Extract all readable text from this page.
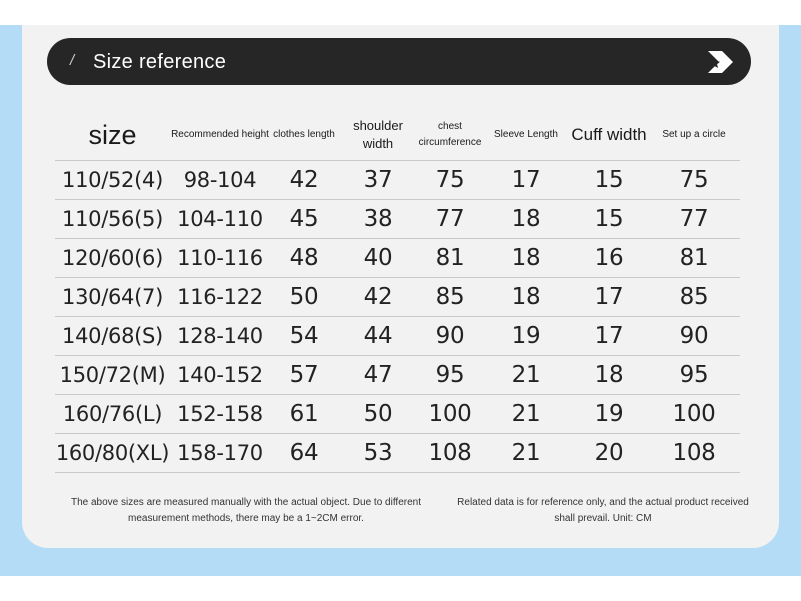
/ Size reference
size	Recommended height	clothes length	shoulder width	chest circumference	Sleeve Length	Cuff width	Set up a circle
110/52(4)	98-104	42	37	75	17	15	75
110/56(5)	104-110	45	38	77	18	15	77
120/60(6)	110-116	48	40	81	18	16	81
130/64(7)	116-122	50	42	85	18	17	85
140/68(S)	128-140	54	44	90	19	17	90
150/72(M)	140-152	57	47	95	21	18	95
160/76(L)	152-158	61	50	100	21	19	100
160/80(XL)	158-170	64	53	108	21	20	108
The above sizes are measured manually with the actual object. Due to different measurement methods, there may be a 1~2CM error.
Related data is for reference only, and the actual product received shall prevail. Unit: CM
